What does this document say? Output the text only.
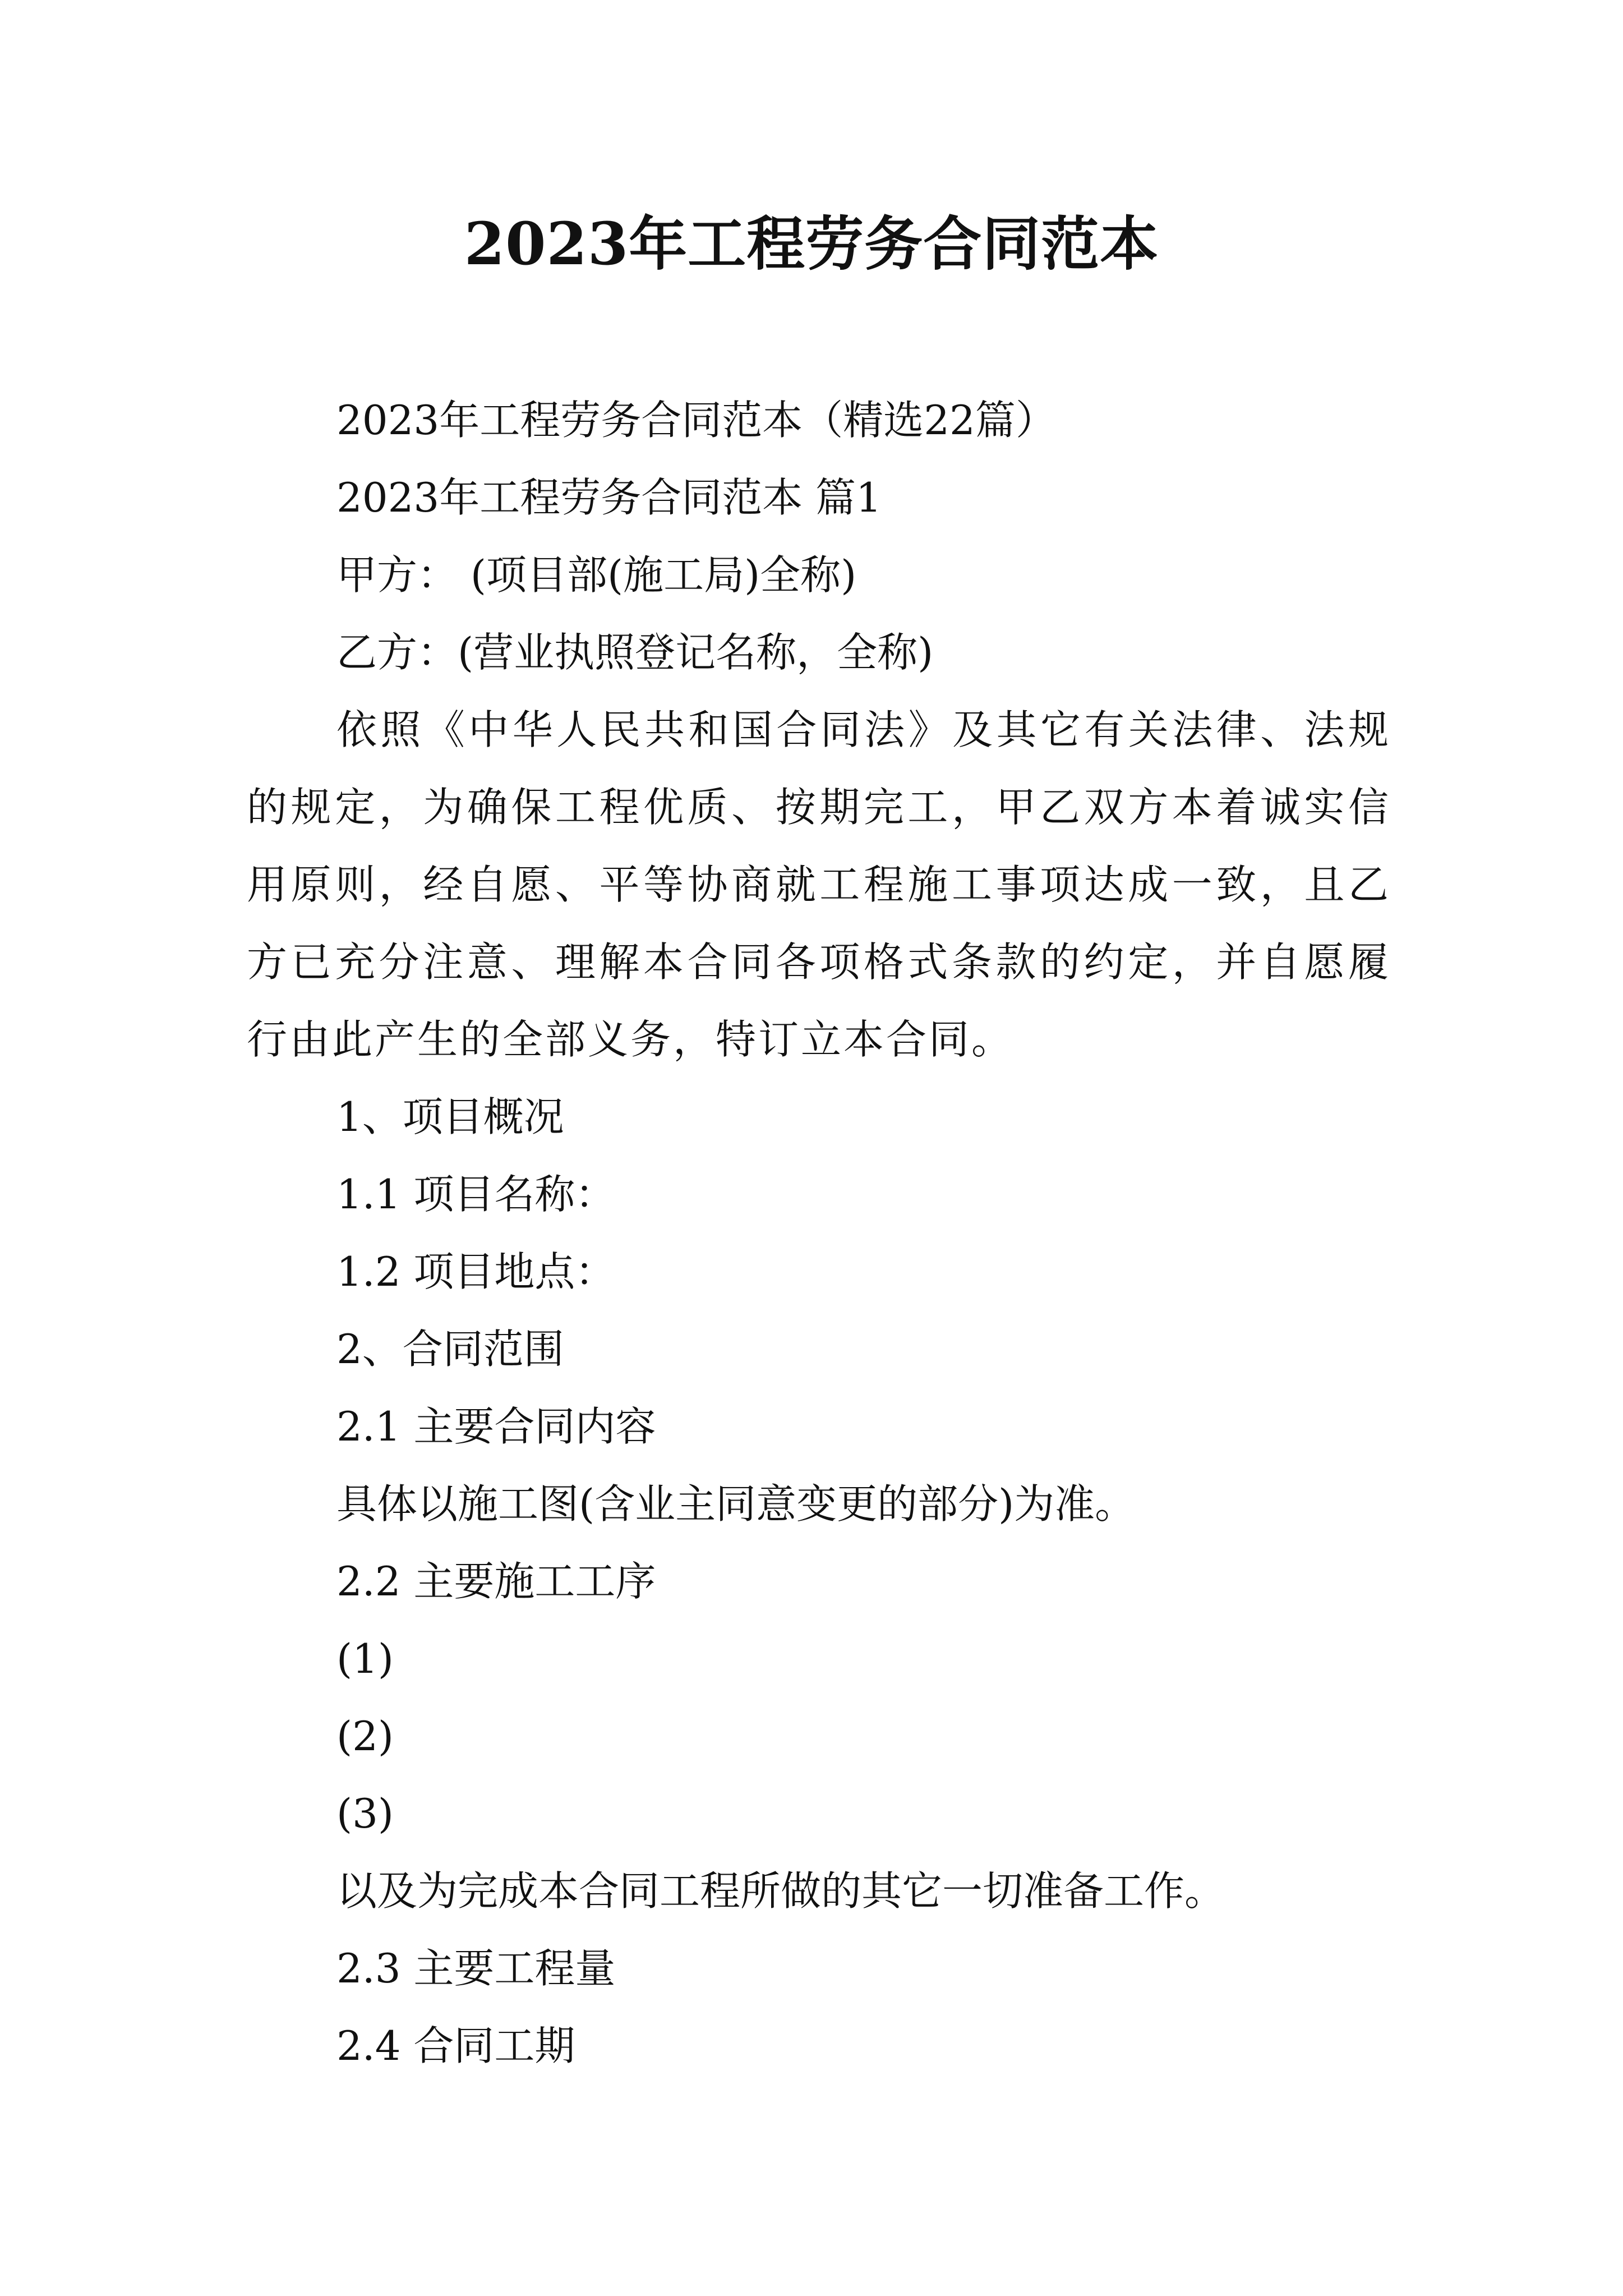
2023年工程劳务合同范本
2023年工程劳务合同范本（精选22篇）
2023年工程劳务合同范本 篇1
甲方： (项目部(施工局)全称)
乙方：(营业执照登记名称，全称)
依照《中华人民共和国合同法》及其它有关法律、法规的规定，为确保工程优质、按期完工，甲乙双方本着诚实信用原则，经自愿、平等协商就工程施工事项达成一致，且乙方已充分注意、理解本合同各项格式条款的约定，并自愿履行由此产生的全部义务，特订立本合同。
1、项目概况
1.1 项目名称：
1.2 项目地点：
2、合同范围
2.1 主要合同内容
具体以施工图(含业主同意变更的部分)为准。
2.2 主要施工工序
(1)
(2)
(3)
以及为完成本合同工程所做的其它一切准备工作。
2.3 主要工程量
2.4 合同工期
